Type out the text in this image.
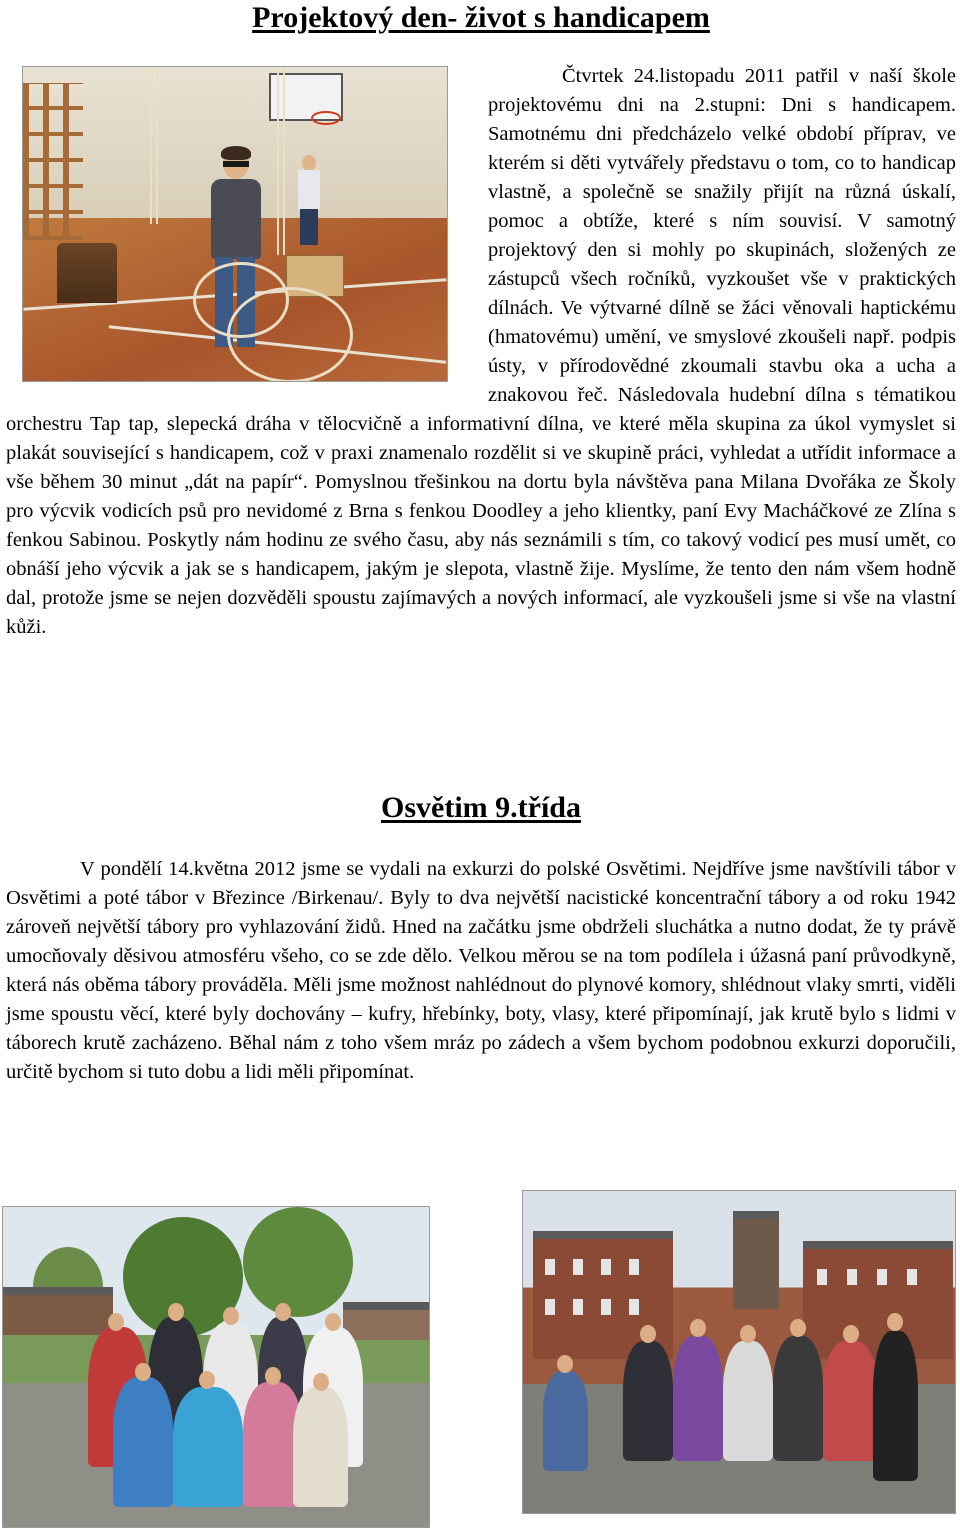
Projektový den- život s handicapem

Čtvrtek 24.listopadu 2011 patřil v naší škole projektovému dni na 2.stupni: Dni s handicapem. Samotnému dni předcházelo velké období příprav, ve kterém si děti vytvářely představu o tom, co to handicap vlastně, a společně se snažily přijít na různá úskalí, pomoc a obtíže, které s ním souvisí. V samotný projektový den si mohly po skupinách, složených ze zástupců všech ročníků, vyzkoušet vše v praktických dílnách. Ve výtvarné dílně se žáci věnovali haptickému (hmatovému) umění, ve smyslové zkoušeli např. podpis ústy, v přírodovědné zkoumali stavbu oka a ucha a znakovou řeč. Následovala hudební dílna s tématikou orchestru Tap tap, slepecká dráha v tělocvičně a informativní dílna, ve které měla skupina za úkol vymyslet si plakát související s handicapem, což v praxi znamenalo rozdělit si ve skupině práci, vyhledat a utřídit informace a vše během 30 minut „dát na papír“. Pomyslnou třešinkou na dortu byla návštěva pana Milana Dvořáka ze Školy pro výcvik vodicích psů pro nevidomé z Brna s fenkou Doodley a jeho klientky, paní Evy Macháčkové ze Zlína s fenkou Sabinou. Poskytly nám hodinu ze svého času, aby nás seznámili s tím, co takový vodicí pes musí umět, co obnáší jeho výcvik a jak se s handicapem, jakým je slepota, vlastně žije. Myslíme, že tento den nám všem hodně dal, protože jsme se nejen dozvěděli spoustu zajímavých a nových informací, ale vyzkoušeli jsme si vše na vlastní kůži.

Osvětim 9.třída

V pondělí 14.května 2012 jsme se vydali na exkurzi do polské Osvětimi. Nejdříve jsme navštívili tábor v Osvětimi a poté tábor v Březince /Birkenau/. Byly to dva největší nacistické koncentrační tábory a od roku 1942 zároveň největší tábory pro vyhlazování židů. Hned na začátku jsme obdrželi sluchátka a nutno dodat, že ty právě umocňovaly děsivou atmosféru všeho, co se zde dělo. Velkou měrou se na tom podílela i úžasná paní průvodkyně, která nás oběma tábory prováděla. Měli jsme možnost nahlédnout do plynové komory, shlédnout vlaky smrti, viděli jsme spoustu věcí, které byly dochovány – kufry, hřebínky, boty, vlasy, které připomínají, jak krutě bylo s lidmi v táborech krutě zacházeno. Běhal nám z toho všem mráz po zádech a všem bychom podobnou exkurzi doporučili, určitě bychom si tuto dobu a lidi měli připomínat.
